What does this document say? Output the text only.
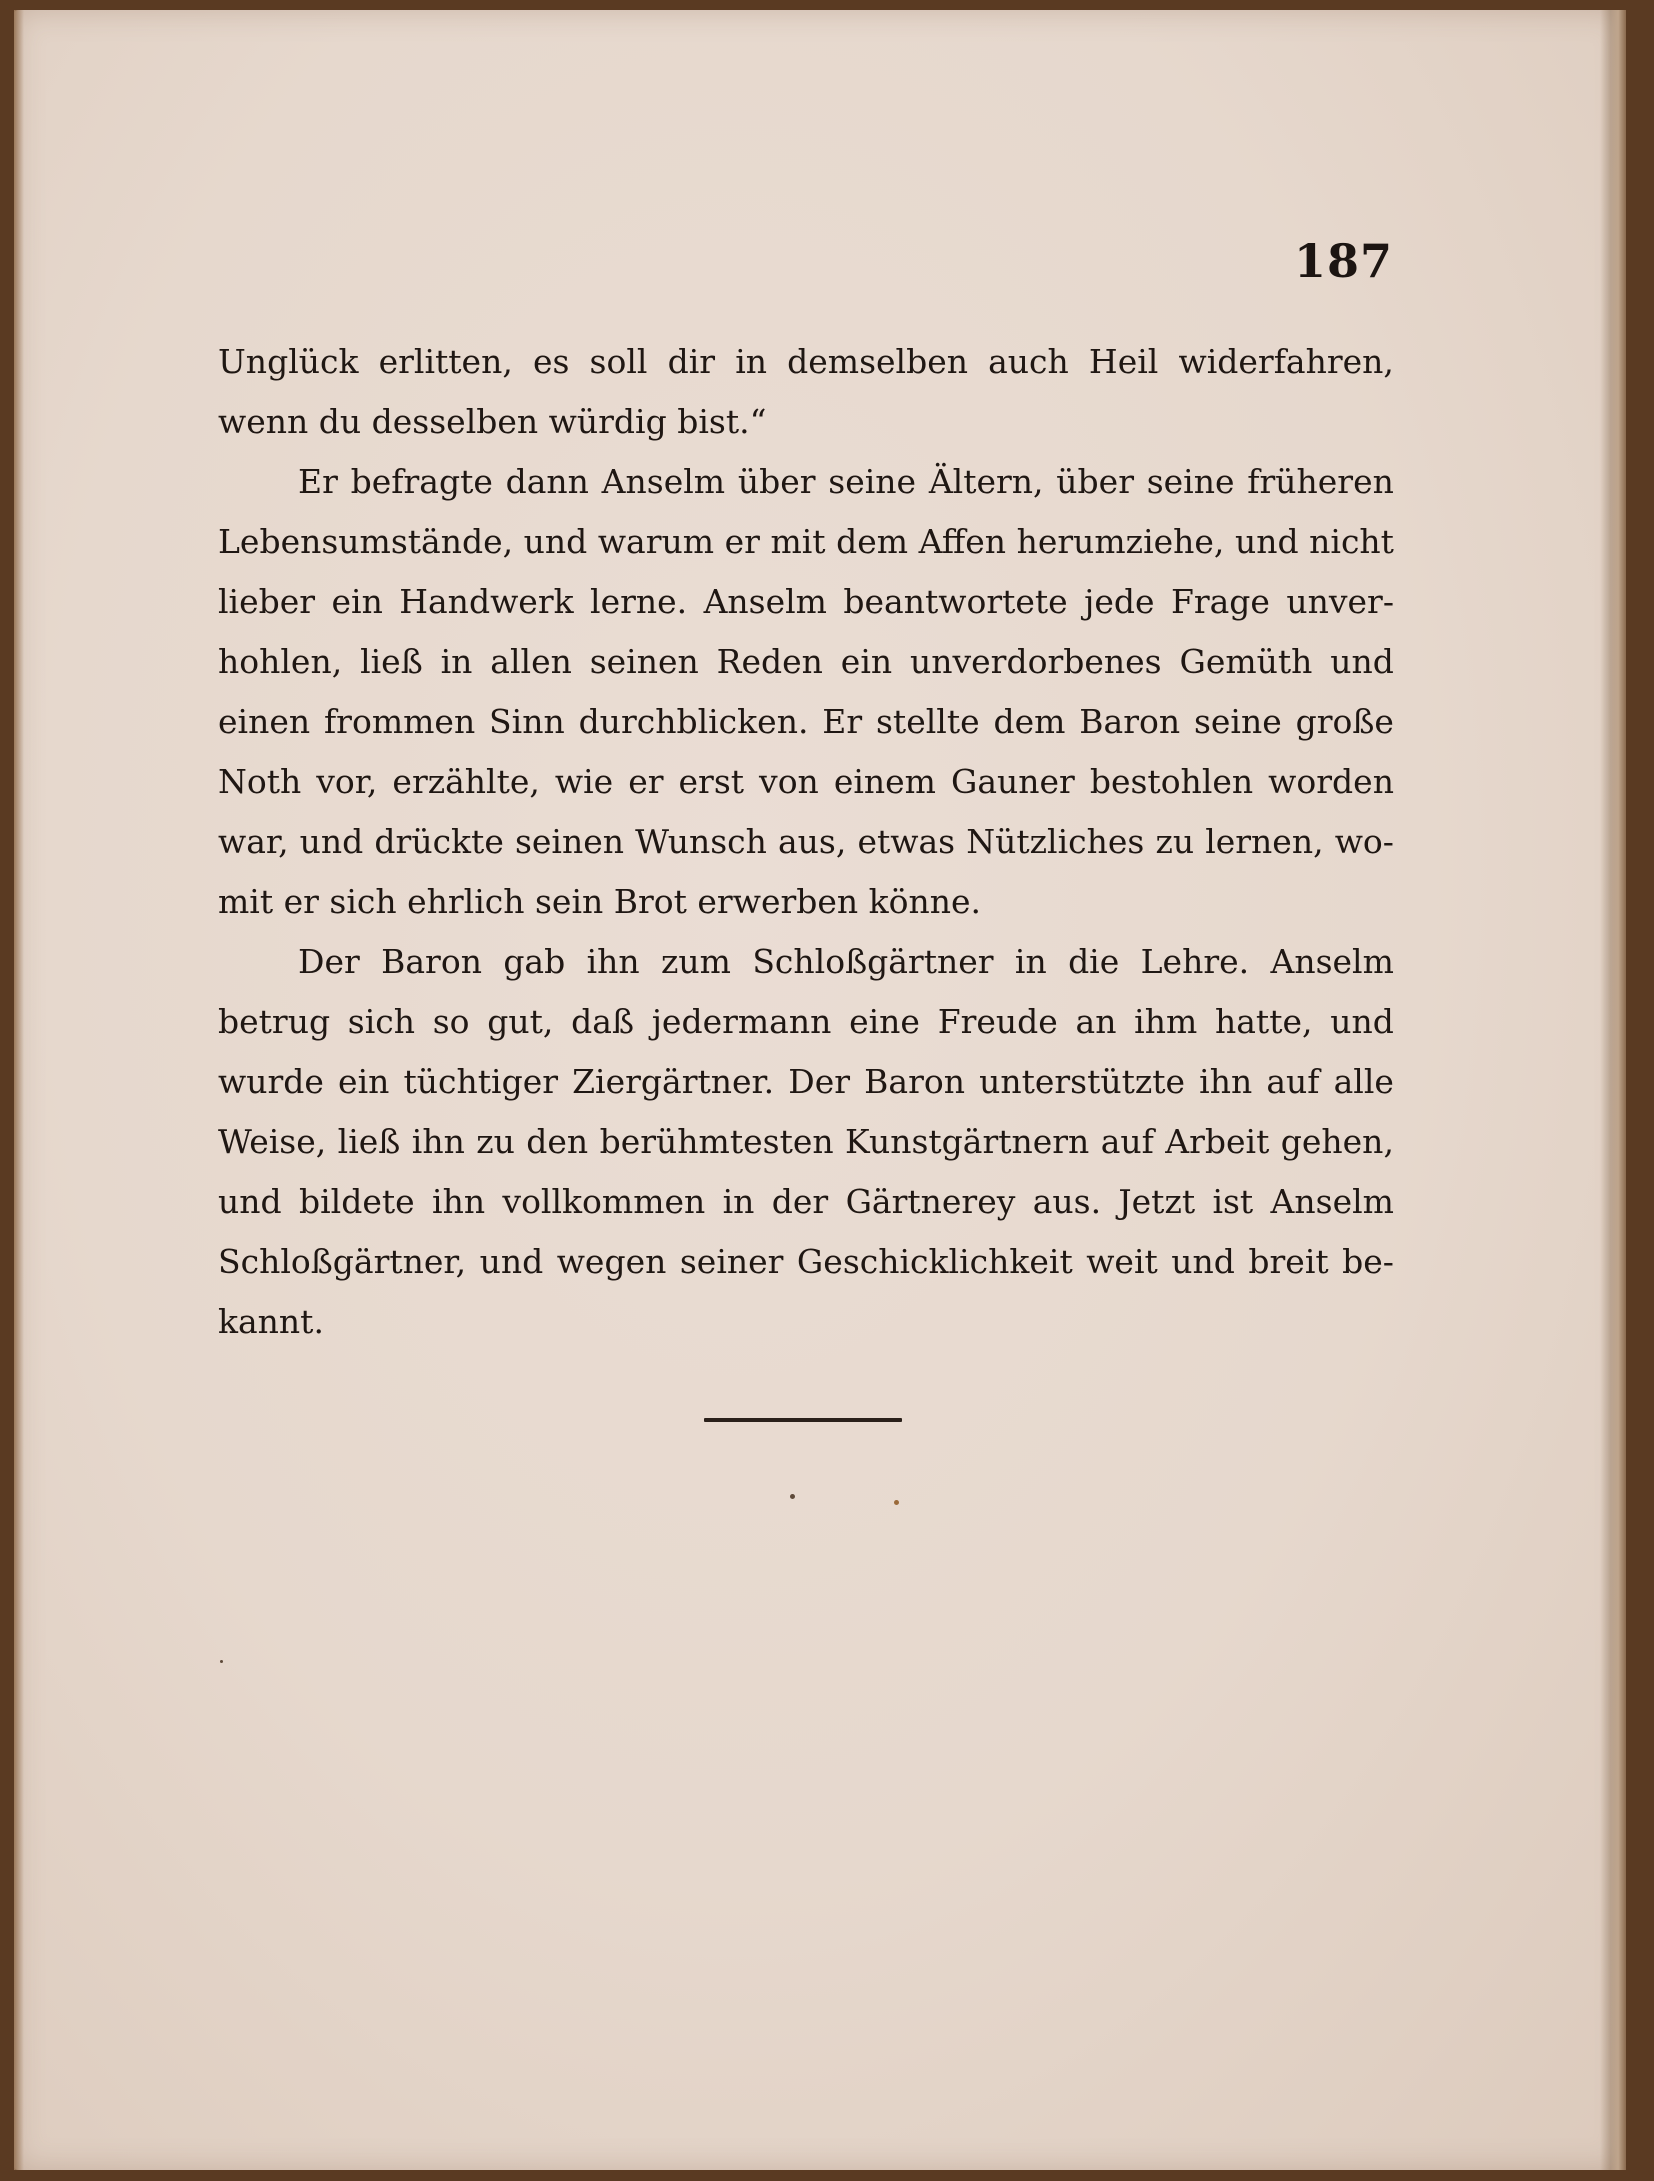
187
Unglück erlitten, es soll dir in demselben auch Heil widerfahren,
wenn du desselben würdig bist.“
Er befragte dann Anselm über seine Ältern, über seine früheren
Lebensumstände, und warum er mit dem Affen herumziehe, und nicht
lieber ein Handwerk lerne. Anselm beantwortete jede Frage unver-
hohlen, ließ in allen seinen Reden ein unverdorbenes Gemüth und
einen frommen Sinn durchblicken. Er stellte dem Baron seine große
Noth vor, erzählte, wie er erst von einem Gauner bestohlen worden
war, und drückte seinen Wunsch aus, etwas Nützliches zu lernen, wo-
mit er sich ehrlich sein Brot erwerben könne.
Der Baron gab ihn zum Schloßgärtner in die Lehre. Anselm
betrug sich so gut, daß jedermann eine Freude an ihm hatte, und
wurde ein tüchtiger Ziergärtner. Der Baron unterstützte ihn auf alle
Weise, ließ ihn zu den berühmtesten Kunstgärtnern auf Arbeit gehen,
und bildete ihn vollkommen in der Gärtnerey aus. Jetzt ist Anselm
Schloßgärtner, und wegen seiner Geschicklichkeit weit und breit be-
kannt.
